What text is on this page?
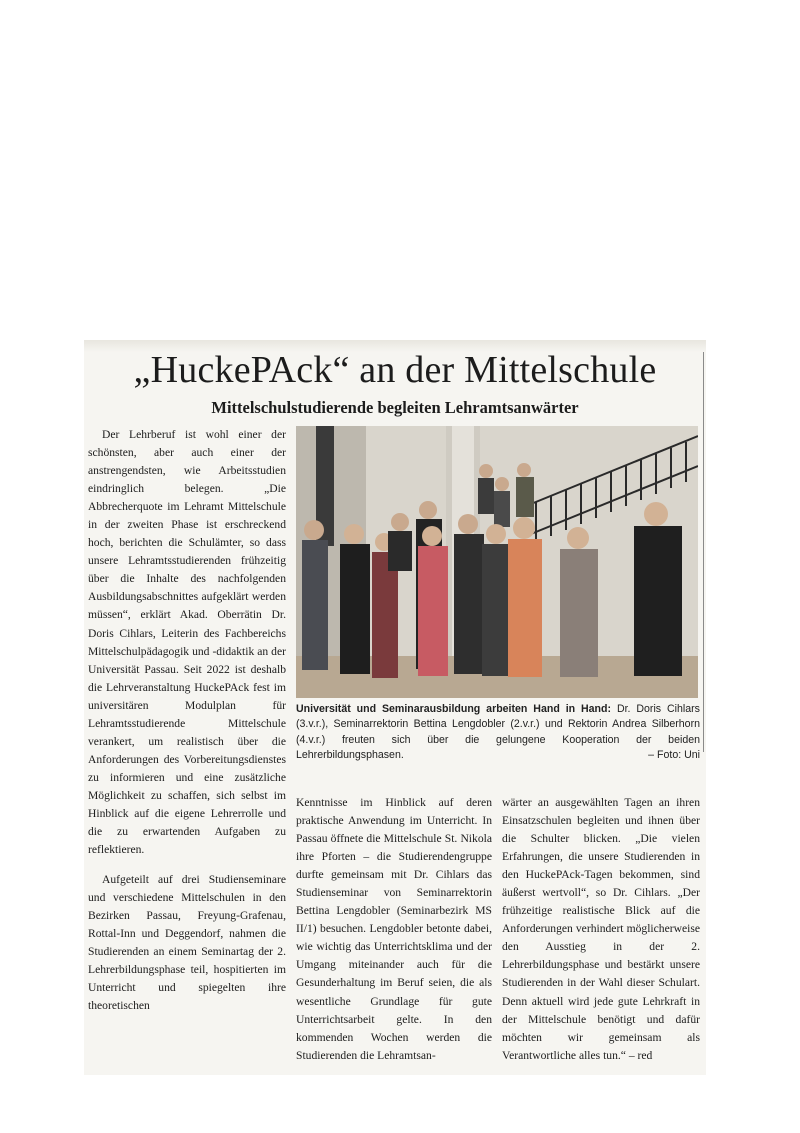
„HuckePAck“ an der Mittelschule
Mittelschulstudierende begleiten Lehramtsanwärter

Der Lehrberuf ist wohl einer der schönsten, aber auch einer der anstrengendsten, wie Arbeitsstudien eindringlich belegen. „Die Abbrecherquote im Lehramt Mittelschule in der zweiten Phase ist erschreckend hoch, berichten die Schulämter, so dass unsere Lehramtsstudierenden frühzeitig über die Inhalte des nachfolgenden Ausbildungsabschnittes aufgeklärt werden müssen“, erklärt Akad. Oberrätin Dr. Doris Cihlars, Leiterin des Fachbereichs Mittelschulpädagogik und -didaktik an der Universität Passau. Seit 2022 ist deshalb die Lehrveranstaltung HuckePAck fest im universitären Modulplan für Lehramtsstudierende Mittelschule verankert, um realistisch über die Anforderungen des Vorbereitungsdienstes zu informieren und eine zusätzliche Möglichkeit zu schaffen, sich selbst im Hinblick auf die eigene Lehrerrolle und die zu erwartenden Aufgaben zu reflektieren.

Aufgeteilt auf drei Studienseminare und verschiedene Mittelschulen in den Bezirken Passau, Freyung-Grafenau, Rottal-Inn und Deggendorf, nahmen die Studierenden an einem Seminartag der 2. Lehrerbildungsphase teil, hospitierten im Unterricht und spiegelten ihre theoretischen

Universität und Seminarausbildung arbeiten Hand in Hand: Dr. Doris Cihlars (3.v.r.), Seminarrektorin Bettina Lengdobler (2.v.r.) und Rektorin Andrea Silberhorn (4.v.r.) freuten sich über die gelungene Kooperation der beiden Lehrerbildungsphasen.	– Foto: Uni

Kenntnisse im Hinblick auf deren praktische Anwendung im Unterricht. In Passau öffnete die Mittelschule St. Nikola ihre Pforten – die Studierendengruppe durfte gemeinsam mit Dr. Cihlars das Studienseminar von Seminarrektorin Bettina Lengdobler (Seminarbezirk MS II/1) besuchen. Lengdobler betonte dabei, wie wichtig das Unterrichtsklima und der Umgang miteinander auch für die Gesunderhaltung im Beruf seien, die als wesentliche Grundlage für gute Unterrichtsarbeit gelte. In den kommenden Wochen werden die Studierenden die Lehramtsan-

wärter an ausgewählten Tagen an ihren Einsatzschulen begleiten und ihnen über die Schulter blicken. „Die vielen Erfahrungen, die unsere Studierenden in den HuckePAck-Tagen bekommen, sind äußerst wertvoll“, so Dr. Cihlars. „Der frühzeitige realistische Blick auf die Anforderungen verhindert möglicherweise den Ausstieg in der 2. Lehrerbildungsphase und bestärkt unsere Studierenden in der Wahl dieser Schulart. Denn aktuell wird jede gute Lehrkraft in der Mittelschule benötigt und dafür möchten wir gemeinsam als Verantwortliche alles tun.“ – red
